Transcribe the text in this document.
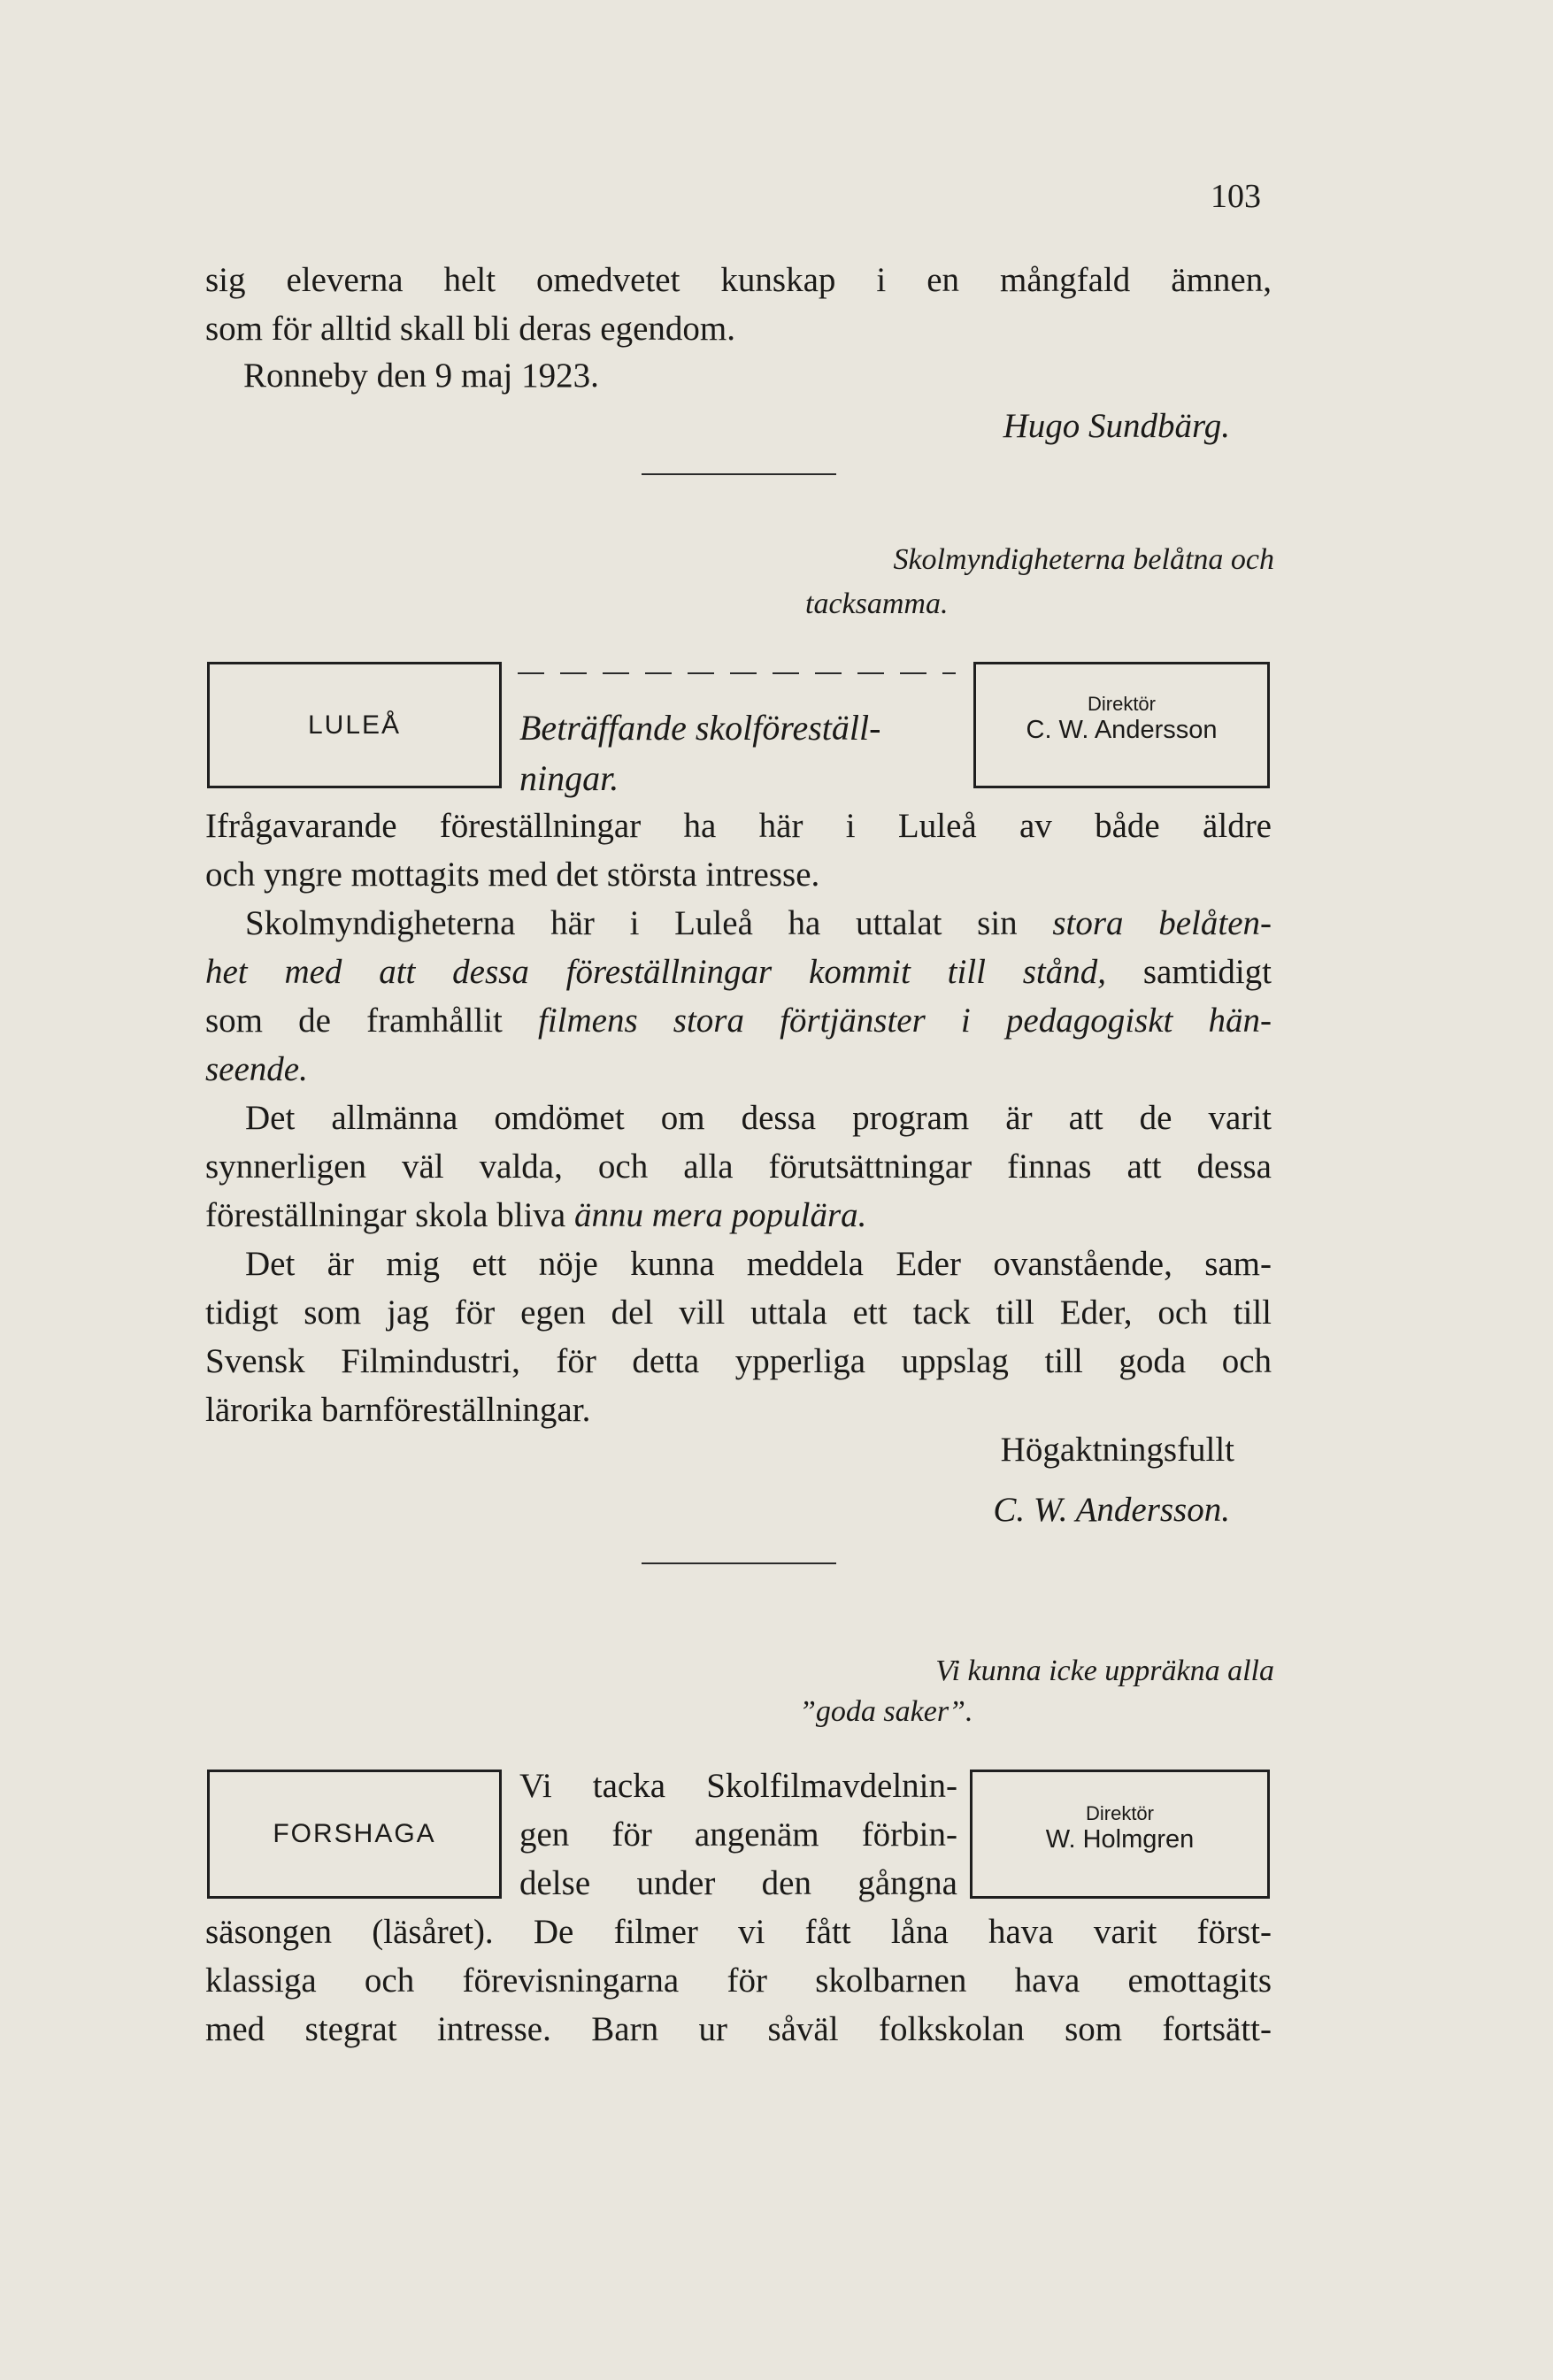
103
sig eleverna helt omedvetet kunskap i en mångfald ämnen,
som för alltid skall bli deras egendom.
Ronneby den 9 maj 1923.
Hugo Sundbärg.
Skolmyndigheterna belåtna och
tacksamma.
LULEÅ	Beträffande skolföreställ-
ningar.
Direktör
C. W. Andersson
Ifrågavarande föreställningar ha här i Luleå av både äldre
och yngre mottagits med det största intresse.
Skolmyndigheterna här i Luleå ha uttalat sin stora belåten-
het med att dessa föreställningar kommit till stånd, samtidigt
som de framhållit filmens stora förtjänster i pedagogiskt hän-
seende.
Det allmänna omdömet om dessa program är att de varit
synnerligen väl valda, och alla förutsättningar finnas att dessa
föreställningar skola bliva ännu mera populära.
Det är mig ett nöje kunna meddela Eder ovanstående, sam-
tidigt som jag för egen del vill uttala ett tack till Eder, och till
Svensk Filmindustri, för detta ypperliga uppslag till goda och
lärorika barnföreställningar.
Högaktningsfullt
C. W. Andersson.
Vi kunna icke uppräkna alla
”goda saker”.
FORSHAGA
Vi tacka Skolfilmavdelnin-
gen för angenäm förbin-
delse under den gångna
Direktör
W. Holmgren
säsongen (läsåret). De filmer vi fått låna hava varit först-
klassiga och förevisningarna för skolbarnen hava emottagits
med stegrat intresse. Barn ur såväl folkskolan som fortsätt-
